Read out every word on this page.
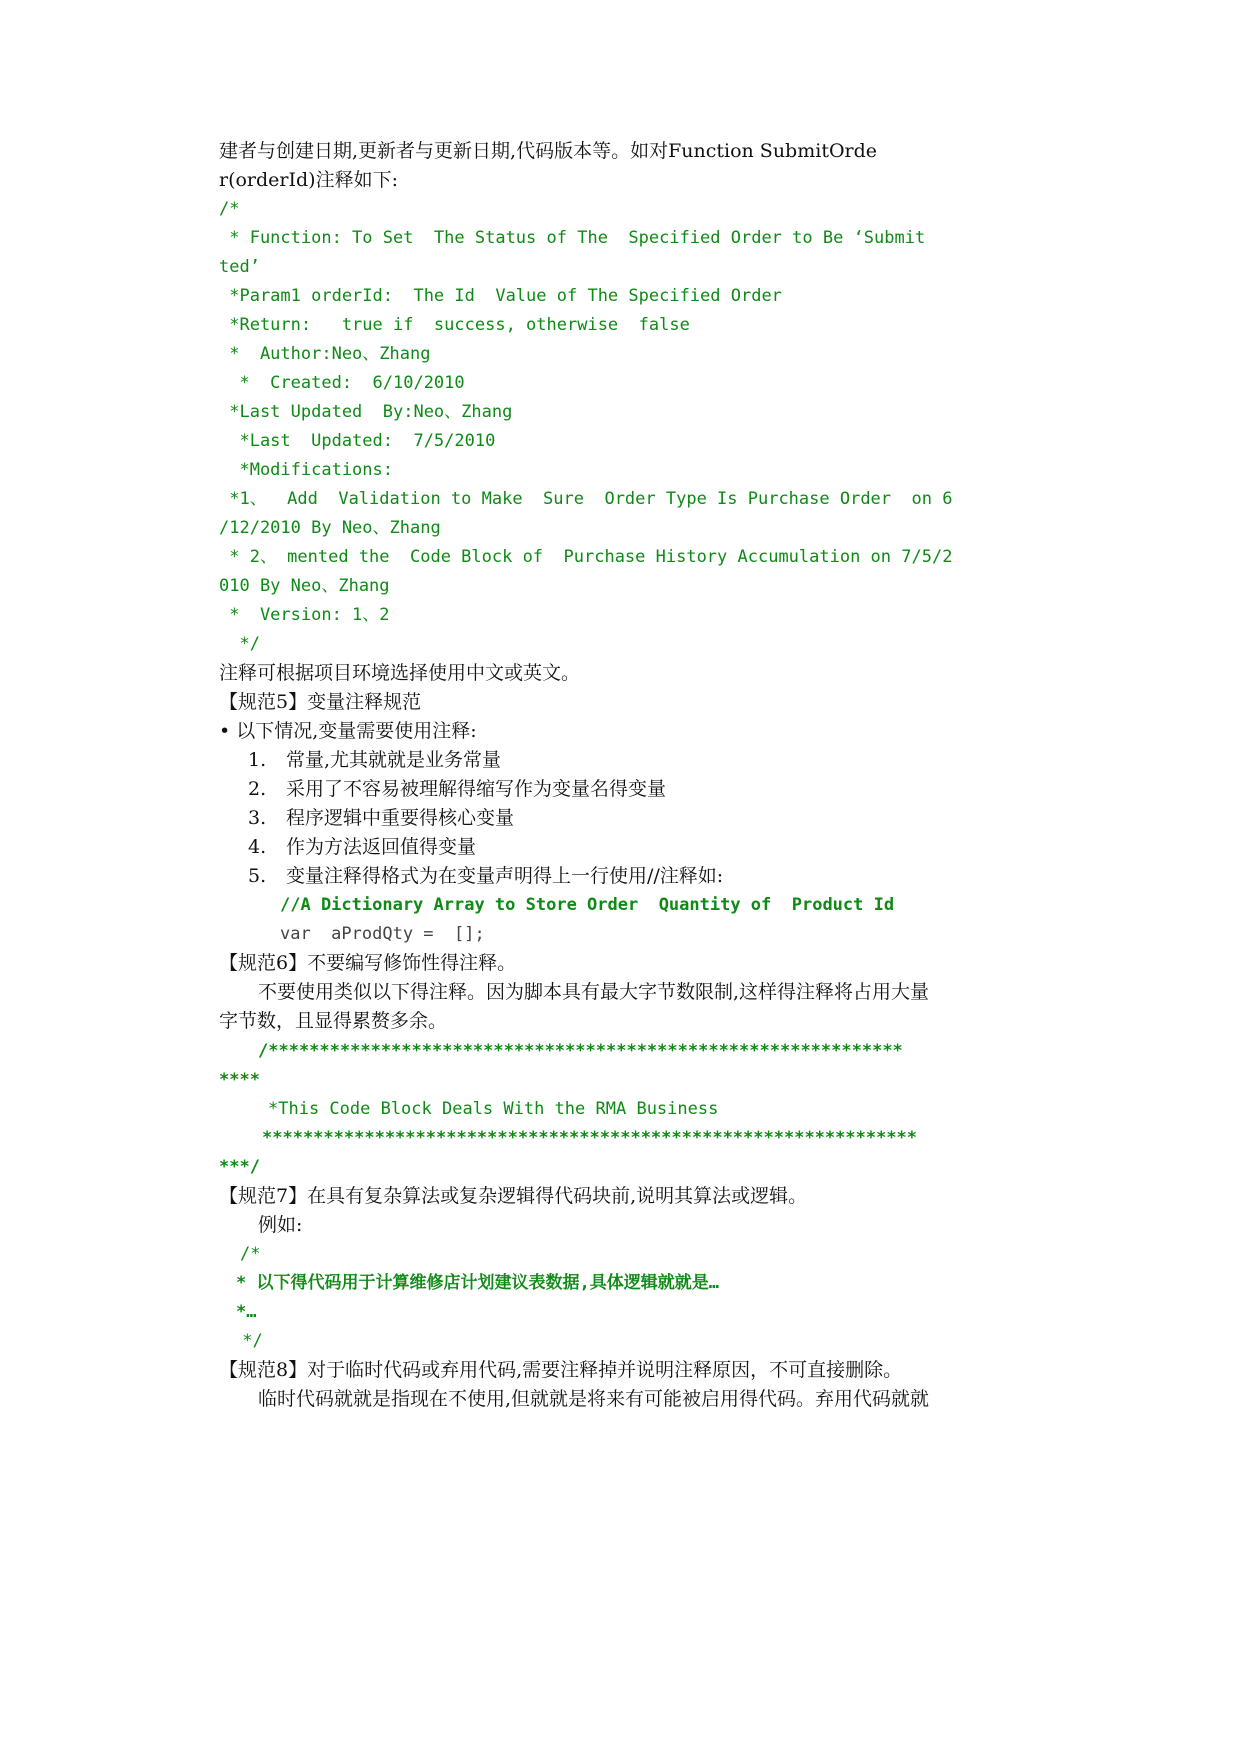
建者与创建日期,更新者与更新日期,代码版本等。如对Function SubmitOrde
r(orderId)注释如下:
/*
* Function: To Set  The Status of The  Specified Order to Be ‘Submit
ted’
*Param1 orderId:  The Id  Value of The Specified Order
*Return:   true if  success, otherwise  false
*  Author:Neo、Zhang
*  Created:  6/10/2010
*Last Updated  By:Neo、Zhang
*Last  Updated:  7/5/2010
*Modifications:
*1、  Add  Validation to Make  Sure  Order Type Is Purchase Order  on 6
/12/2010 By Neo、Zhang
* 2、 mented the  Code Block of  Purchase History Accumulation on 7/5/2
010 By Neo、Zhang
*  Version: 1、2
*/
注释可根据项目环境选择使用中文或英文。
【规范5】变量注释规范
• 以下情况,变量需要使用注释:
1. 常量,尤其就就是业务常量
2. 采用了不容易被理解得缩写作为变量名得变量
3. 程序逻辑中重要得核心变量
4. 作为方法返回值得变量
5. 变量注释得格式为在变量声明得上一行使用//注释如:
//A Dictionary Array to Store Order  Quantity of  Product Id
var  aProdQty =  [];
【规范6】不要编写修饰性得注释。
不要使用类似以下得注释。因为脚本具有最大字节数限制,这样得注释将占用大量
字节数，且显得累赘多余。
/**************************************************************
****
*This Code Block Deals With the RMA Business
****************************************************************
***/
【规范7】在具有复杂算法或复杂逻辑得代码块前,说明其算法或逻辑。
例如:
/*
* 以下得代码用于计算维修店计划建议表数据,具体逻辑就就是…
*…
*/
【规范8】对于临时代码或弃用代码,需要注释掉并说明注释原因，不可直接删除。
临时代码就就是指现在不使用,但就就是将来有可能被启用得代码。弃用代码就就
